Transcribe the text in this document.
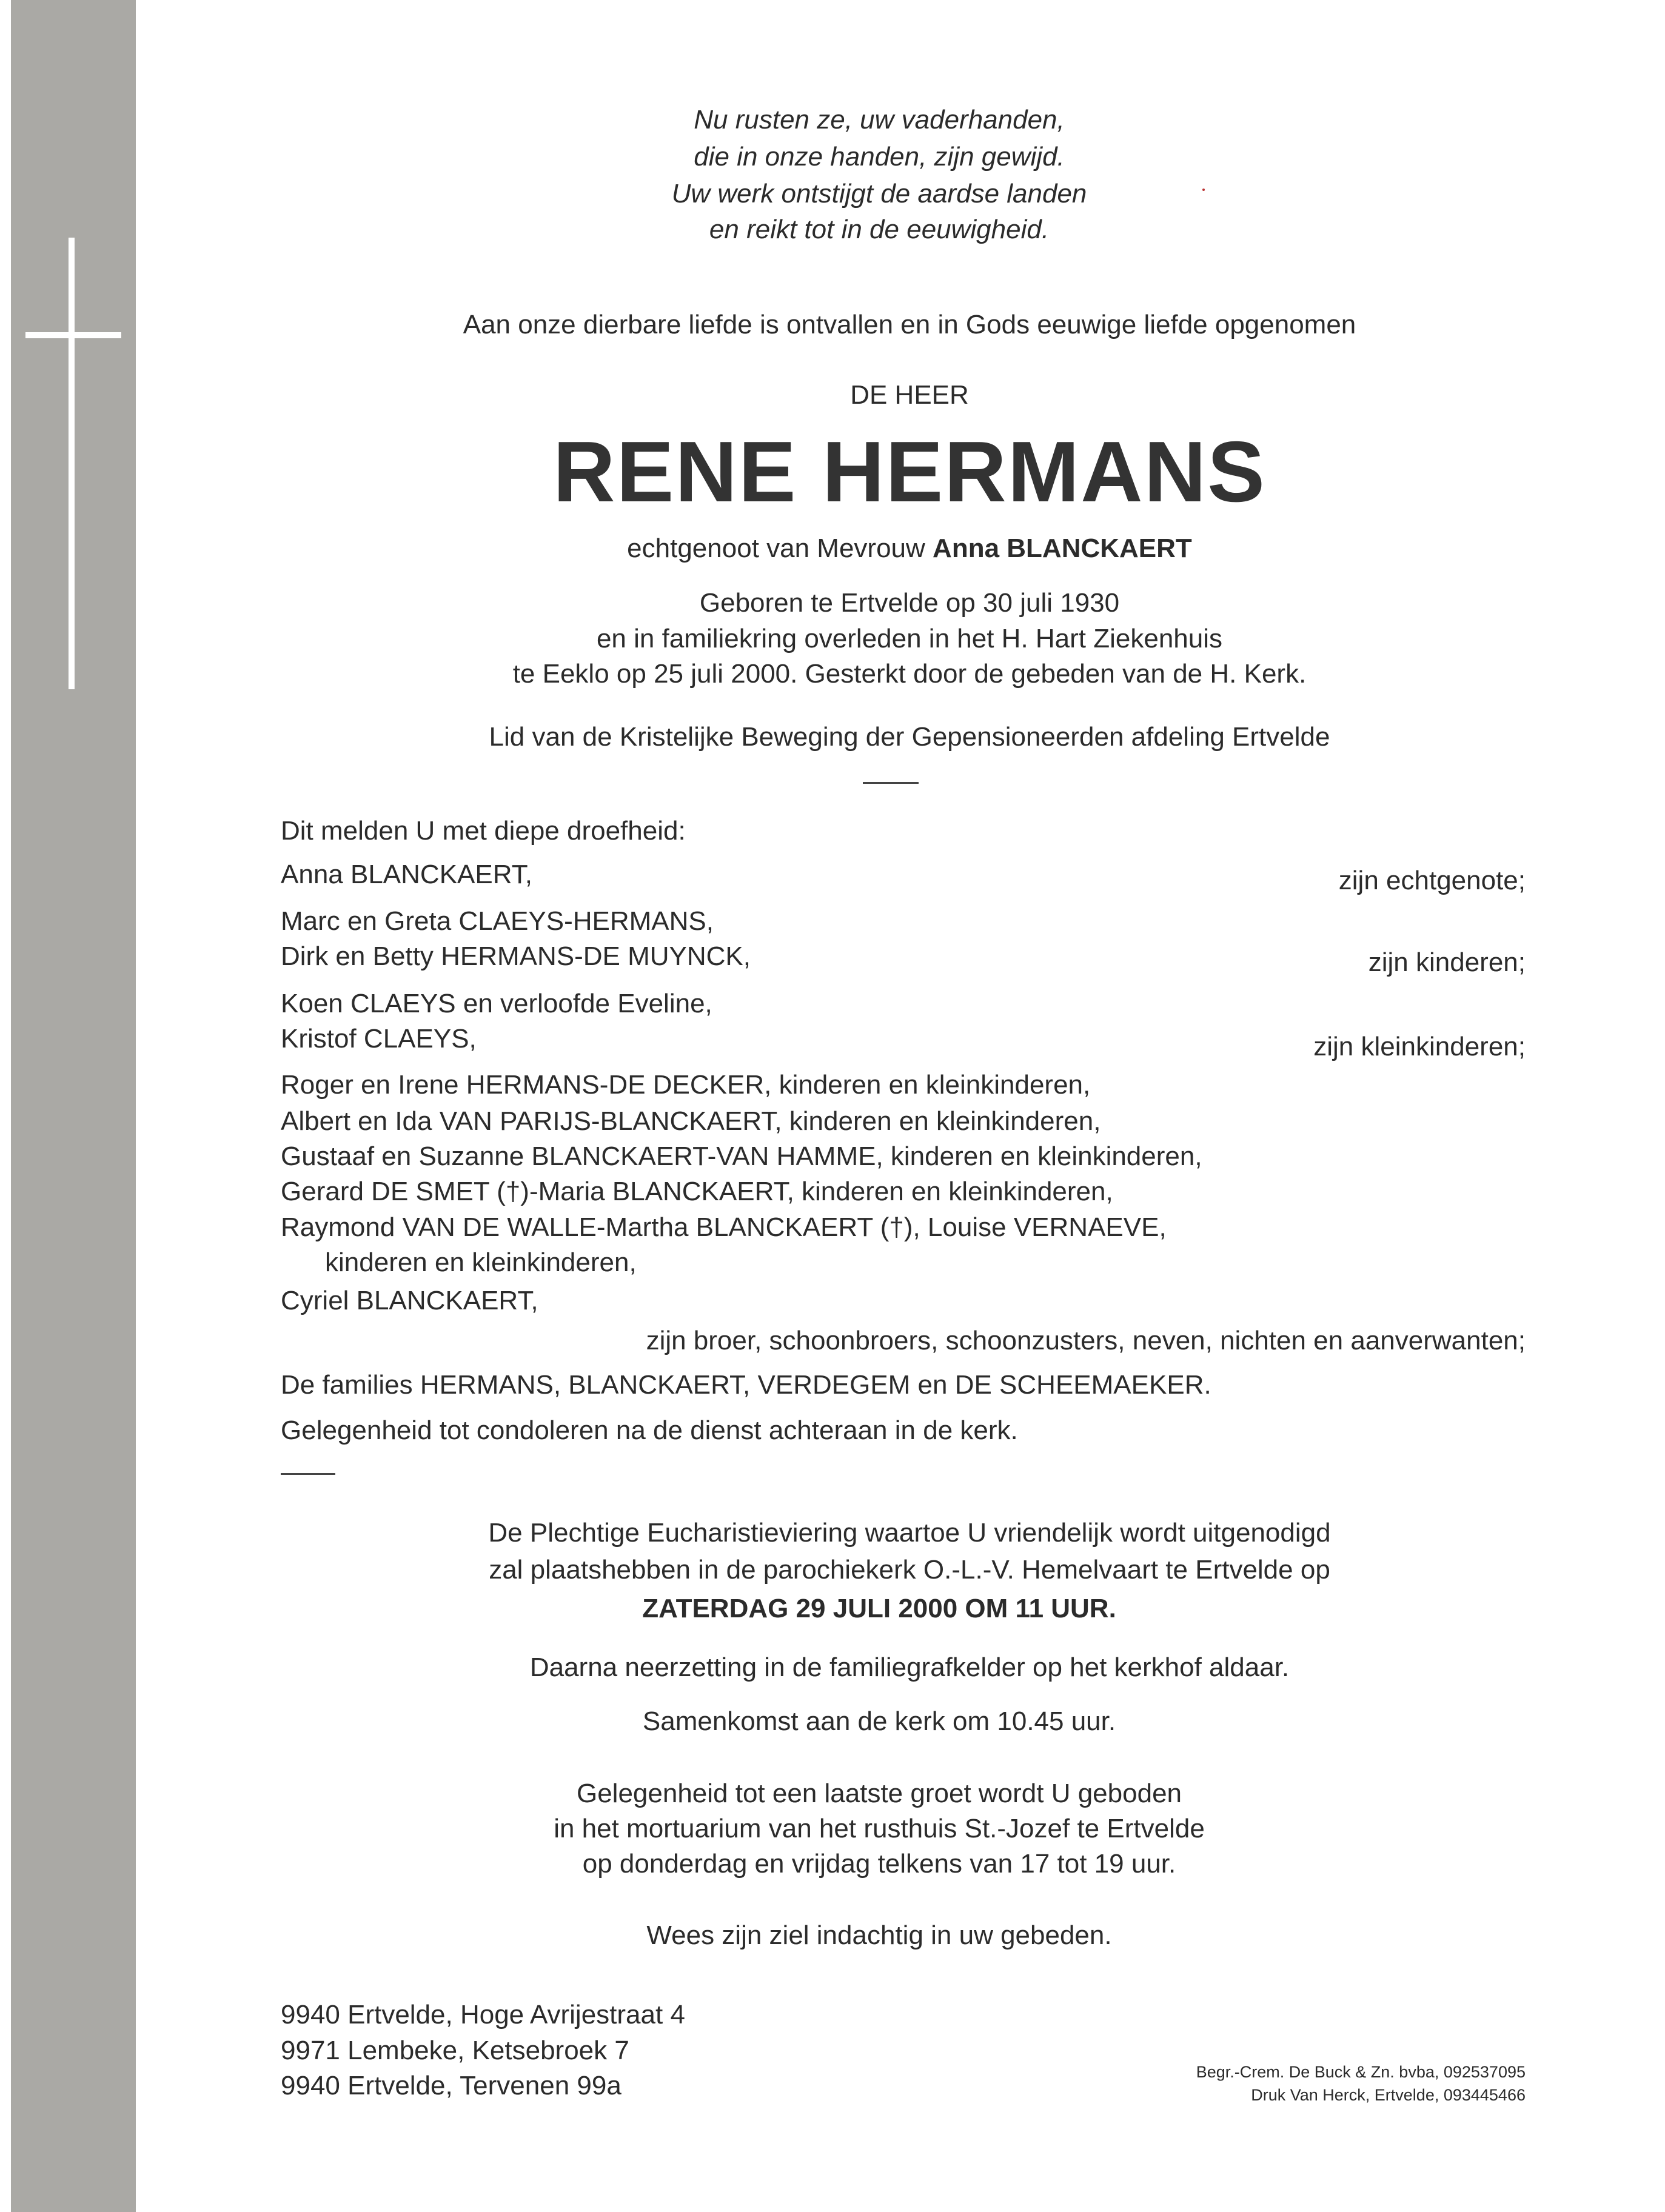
Nu rusten ze, uw vaderhanden,
die in onze handen, zijn gewijd.
Uw werk ontstijgt de aardse landen
en reikt tot in de eeuwigheid.
Aan onze dierbare liefde is ontvallen en in Gods eeuwige liefde opgenomen
DE HEER
RENE HERMANS
echtgenoot van Mevrouw Anna BLANCKAERT
Geboren te Ertvelde op 30 juli 1930
en in familiekring overleden in het H. Hart Ziekenhuis
te Eeklo op 25 juli 2000. Gesterkt door de gebeden van de H. Kerk.
Lid van de Kristelijke Beweging der Gepensioneerden afdeling Ertvelde
Dit melden U met diepe droefheid:
Anna BLANCKAERT,	zijn echtgenote;
Marc en Greta CLAEYS-HERMANS,
Dirk en Betty HERMANS-DE MUYNCK,	zijn kinderen;
Koen CLAEYS en verloofde Eveline,
Kristof CLAEYS,	zijn kleinkinderen;
Roger en Irene HERMANS-DE DECKER, kinderen en kleinkinderen,
Albert en Ida VAN PARIJS-BLANCKAERT, kinderen en kleinkinderen,
Gustaaf en Suzanne BLANCKAERT-VAN HAMME, kinderen en kleinkinderen,
Gerard DE SMET (†)-Maria BLANCKAERT, kinderen en kleinkinderen,
Raymond VAN DE WALLE-Martha BLANCKAERT (†), Louise VERNAEVE,
kinderen en kleinkinderen,
Cyriel BLANCKAERT,
zijn broer, schoonbroers, schoonzusters, neven, nichten en aanverwanten;
De families HERMANS, BLANCKAERT, VERDEGEM en DE SCHEEMAEKER.
Gelegenheid tot condoleren na de dienst achteraan in de kerk.
De Plechtige Eucharistieviering waartoe U vriendelijk wordt uitgenodigd
zal plaatshebben in de parochiekerk O.-L.-V. Hemelvaart te Ertvelde op
ZATERDAG 29 JULI 2000 OM 11 UUR.
Daarna neerzetting in de familiegrafkelder op het kerkhof aldaar.
Samenkomst aan de kerk om 10.45 uur.
Gelegenheid tot een laatste groet wordt U geboden
in het mortuarium van het rusthuis St.-Jozef te Ertvelde
op donderdag en vrijdag telkens van 17 tot 19 uur.
Wees zijn ziel indachtig in uw gebeden.
9940 Ertvelde, Hoge Avrijestraat 4
9971 Lembeke, Ketsebroek 7
9940 Ertvelde, Tervenen 99a	Begr.-Crem. De Buck & Zn. bvba, 092537095
Druk Van Herck, Ertvelde, 093445466
